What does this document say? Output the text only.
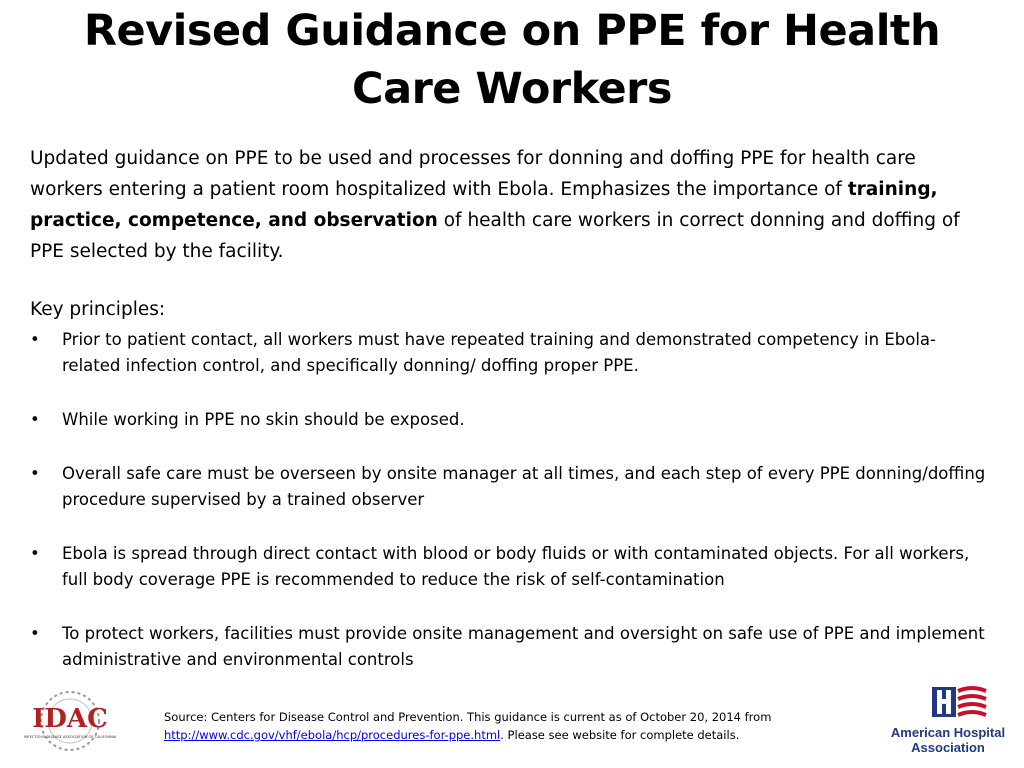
Revised Guidance on PPE for Health Care Workers

Updated guidance on PPE to be used and processes for donning and doffing PPE for health care workers entering a patient room hospitalized with Ebola. Emphasizes the importance of training, practice, competence, and observation of health care workers in correct donning and doffing of PPE selected by the facility.

Key principles:

•	Prior to patient contact, all workers must have repeated training and demonstrated competency in Ebola-related infection control, and specifically donning/ doffing proper PPE.
•	While working in PPE no skin should be exposed.
•	Overall safe care must be overseen by onsite manager at all times, and each step of every PPE donning/doffing procedure supervised by a trained observer
•	Ebola is spread through direct contact with blood or body fluids or with contaminated objects. For all workers, full body coverage PPE is recommended to reduce the risk of self-contamination
•	To protect workers, facilities must provide onsite management and oversight on safe use of PPE and implement administrative and environmental controls
IDAC
INFECTIOUS DISEASE ASSOCIATION OF CALIFORNIA
Source: Centers for Disease Control and Prevention. This guidance is current as of October 20, 2014 from
http://www.cdc.gov/vhf/ebola/hcp/procedures-for-ppe.html. Please see website for complete details.	American Hospital
Association
